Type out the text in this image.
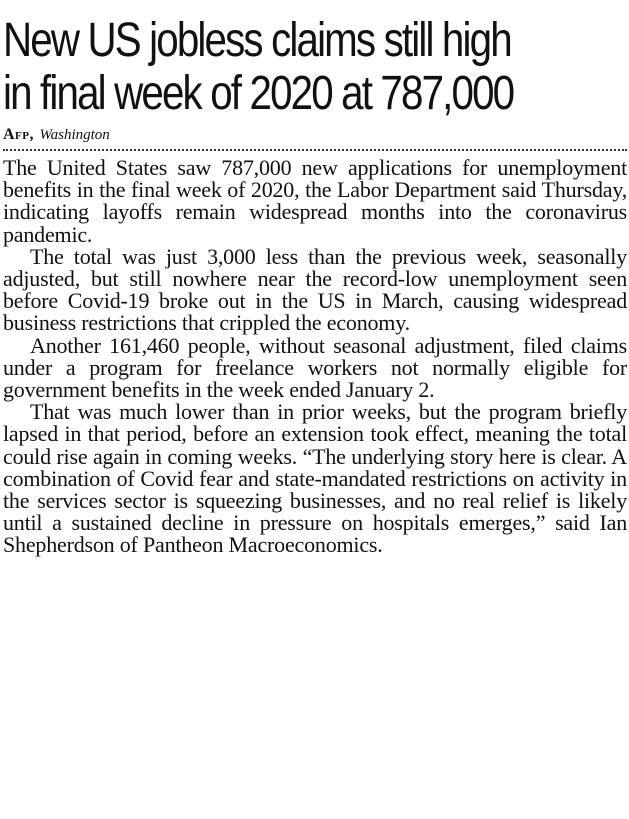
New US jobless claims still high
in final week of 2020 at 787,000
Afp, Washington

The United States saw 787,000 new applications for unemployment benefits in the final week of 2020, the Labor Department said Thursday, indicating layoffs remain widespread months into the coronavirus pandemic.

The total was just 3,000 less than the previous week, seasonally adjusted, but still nowhere near the record-low unemployment seen before Covid-19 broke out in the US in March, causing widespread business restrictions that crippled the economy.

Another 161,460 people, without seasonal adjustment, filed claims under a program for freelance workers not normally eligible for government benefits in the week ended January 2.

That was much lower than in prior weeks, but the program briefly lapsed in that period, before an extension took effect, meaning the total could rise again in coming weeks. “The underlying story here is clear. A combination of Covid fear and state-mandated restrictions on activity in the services sector is squeezing businesses, and no real relief is likely until a sustained decline in pressure on hospitals emerges,” said Ian Shepherdson of Pantheon Macroeconomics.
